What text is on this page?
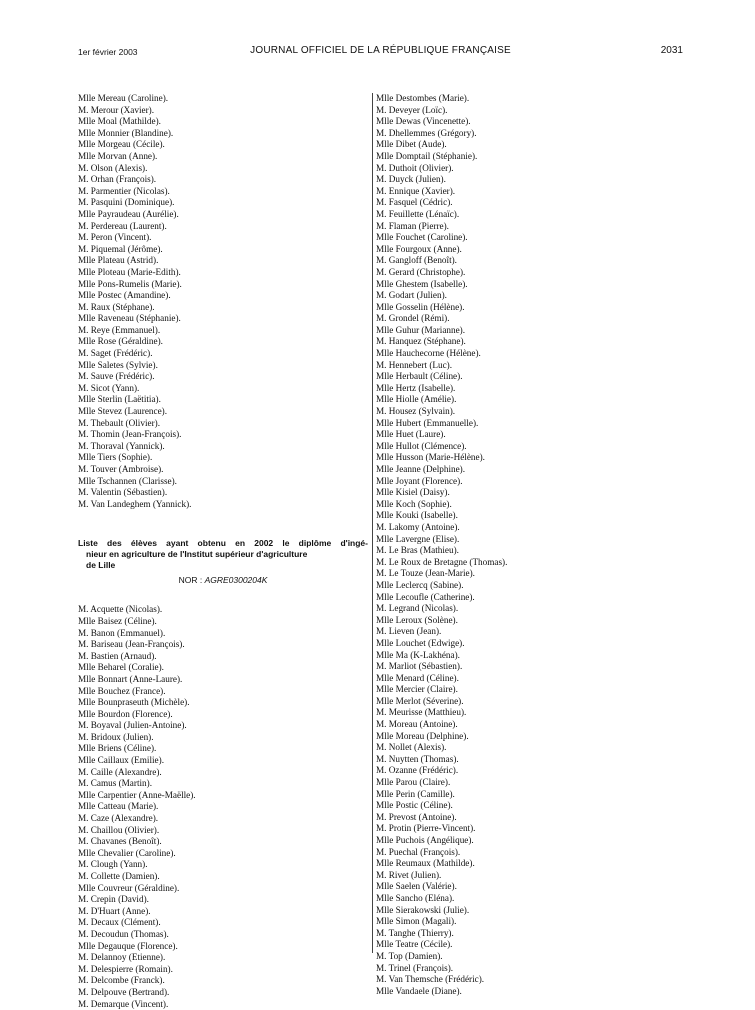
1er février 2003	JOURNAL OFFICIEL DE LA RÉPUBLIQUE FRANÇAISE	2031
Mlle Mereau (Caroline).
M. Merour (Xavier).
Mlle Moal (Mathilde).
Mlle Monnier (Blandine).
Mlle Morgeau (Cécile).
Mlle Morvan (Anne).
M. Olson (Alexis).
M. Orhan (François).
M. Parmentier (Nicolas).
M. Pasquini (Dominique).
Mlle Payraudeau (Aurélie).
M. Perdereau (Laurent).
M. Peron (Vincent).
M. Piquemal (Jérôme).
Mlle Plateau (Astrid).
Mlle Ploteau (Marie-Edith).
Mlle Pons-Rumelis (Marie).
Mlle Postec (Amandine).
M. Raux (Stéphane).
Mlle Raveneau (Stéphanie).
M. Reye (Emmanuel).
Mlle Rose (Géraldine).
M. Saget (Frédéric).
Mlle Saletes (Sylvie).
M. Sauve (Frédéric).
M. Sicot (Yann).
Mlle Sterlin (Laëtitia).
Mlle Stevez (Laurence).
M. Thebault (Olivier).
M. Thomin (Jean-François).
M. Thoraval (Yannick).
Mlle Tiers (Sophie).
M. Touver (Ambroise).
Mlle Tschannen (Clarisse).
M. Valentin (Sébastien).
M. Van Landeghem (Yannick).
Liste des élèves ayant obtenu en 2002 le diplôme d'ingé-
nieur en agriculture de l'Institut supérieur d'agriculture
de Lille
NOR : AGRE0300204K
M. Acquette (Nicolas).
Mlle Baisez (Céline).
M. Banon (Emmanuel).
M. Bariseau (Jean-François).
M. Bastien (Arnaud).
Mlle Beharel (Coralie).
Mlle Bonnart (Anne-Laure).
Mlle Bouchez (France).
Mlle Bounpraseuth (Michèle).
Mlle Bourdon (Florence).
M. Boyaval (Julien-Antoine).
M. Bridoux (Julien).
Mlle Briens (Céline).
Mlle Caillaux (Emilie).
M. Caille (Alexandre).
M. Camus (Martin).
Mlle Carpentier (Anne-Maëlle).
Mlle Catteau (Marie).
M. Caze (Alexandre).
M. Chaillou (Olivier).
M. Chavanes (Benoît).
Mlle Chevalier (Caroline).
M. Clough (Yann).
M. Collette (Damien).
Mlle Couvreur (Géraldine).
M. Crepin (David).
M. D'Huart (Anne).
M. Decaux (Clément).
M. Decoudun (Thomas).
Mlle Degauque (Florence).
M. Delannoy (Etienne).
M. Delespierre (Romain).
M. Delcombe (Franck).
M. Delpouve (Bertrand).
M. Demarque (Vincent).
Mlle Destombes (Marie).
M. Deveyer (Loïc).
Mlle Dewas (Vincenette).
M. Dhellemmes (Grégory).
Mlle Dibet (Aude).
Mlle Domptail (Stéphanie).
M. Duthoit (Olivier).
M. Duyck (Julien).
M. Ennique (Xavier).
M. Fasquel (Cédric).
M. Feuillette (Lénaïc).
M. Flaman (Pierre).
Mlle Fouchet (Caroline).
Mlle Fourgoux (Anne).
M. Gangloff (Benoît).
M. Gerard (Christophe).
Mlle Ghestem (Isabelle).
M. Godart (Julien).
Mlle Gosselin (Hélène).
M. Grondel (Rémi).
Mlle Guhur (Marianne).
M. Hanquez (Stéphane).
Mlle Hauchecorne (Hélène).
M. Hennebert (Luc).
Mlle Herbault (Céline).
Mlle Hertz (Isabelle).
Mlle Hiolle (Amélie).
M. Housez (Sylvain).
Mlle Hubert (Emmanuelle).
Mlle Huet (Laure).
Mlle Hullot (Clémence).
Mlle Husson (Marie-Hélène).
Mlle Jeanne (Delphine).
Mlle Joyant (Florence).
Mlle Kisiel (Daisy).
Mlle Koch (Sophie).
Mlle Kouki (Isabelle).
M. Lakomy (Antoine).
Mlle Lavergne (Elise).
M. Le Bras (Mathieu).
M. Le Roux de Bretagne (Thomas).
M. Le Touze (Jean-Marie).
Mlle Leclercq (Sabine).
Mlle Lecoufle (Catherine).
M. Legrand (Nicolas).
Mlle Leroux (Solène).
M. Lieven (Jean).
Mlle Louchet (Edwige).
Mlle Ma (K-Lakhéna).
M. Marliot (Sébastien).
Mlle Menard (Céline).
Mlle Mercier (Claire).
Mlle Merlot (Séverine).
M. Meurisse (Matthieu).
M. Moreau (Antoine).
Mlle Moreau (Delphine).
M. Nollet (Alexis).
M. Nuytten (Thomas).
M. Ozanne (Frédéric).
Mlle Parou (Claire).
Mlle Perin (Camille).
Mlle Postic (Céline).
M. Prevost (Antoine).
M. Protin (Pierre-Vincent).
Mlle Puchois (Angélique).
M. Puechal (François).
Mlle Reumaux (Mathilde).
M. Rivet (Julien).
Mlle Saelen (Valérie).
Mlle Sancho (Eléna).
Mlle Sierakowski (Julie).
Mlle Simon (Magali).
M. Tanghe (Thierry).
Mlle Teatre (Cécile).
M. Top (Damien).
M. Trinel (François).
M. Van Themsche (Frédéric).
Mlle Vandaele (Diane).
